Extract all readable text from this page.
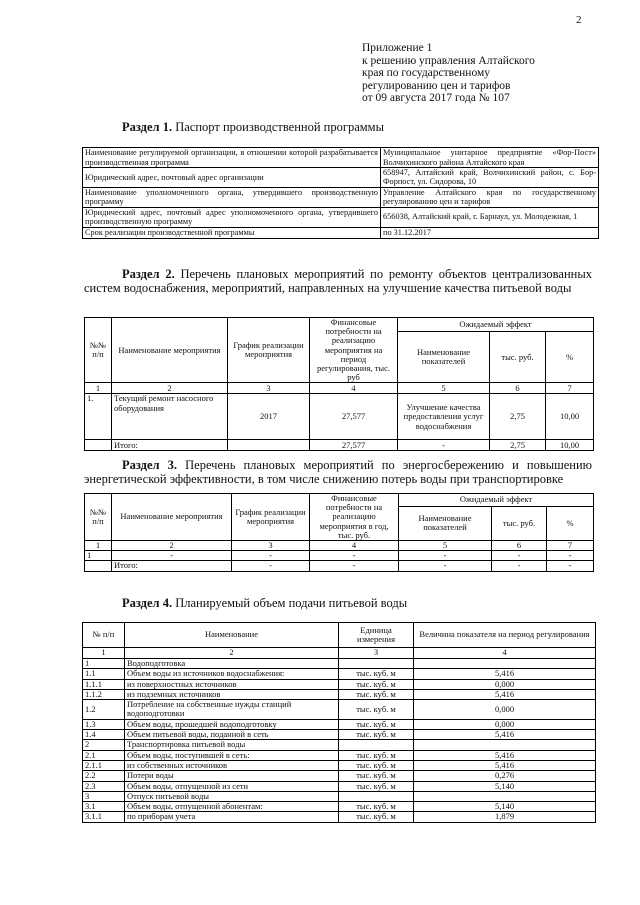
2
Приложение 1
к решению управления Алтайского
края по государственному
регулированию цен и тарифов
от 09 августа 2017 года № 107
Раздел 1. Паспорт производственной программы
Наименование регулируемой организации, в отношении которой разрабатывается производственная программа	Муниципальное унитарное предприятие «Фор-Пост» Волчихинского района Алтайского края
Юридический адрес, почтовый адрес организации	658947, Алтайский край, Волчихинский район, с. Бор-Форпост, ул. Сидорова, 10
Наименование уполномоченного органа, утвердившего производственную программу	Управление Алтайского края по государственному регулированию цен и тарифов
Юридический адрес, почтовый адрес уполномоченного органа, утвердившего производственную программу	656038, Алтайский край, г. Барнаул, ул. Молодежная, 1
Срок реализации производственной программы	по 31.12.2017
Раздел 2. Перечень плановых мероприятий по ремонту объектов централизованных систем водоснабжения, мероприятий, направленных на улучшение качества питьевой воды
№№ п/п	Наименование мероприятия	График реализации мероприятия	Финансовые потребности на реализацию мероприятия на период регулирования, тыс. руб	Ожидаемый эффект		
				Наименование показателей	тыс. руб.	%
1	2	3	4	5	6	7
1.	Текущий ремонт насосного оборудования	2017	27,577	Улучшение качества предоставления услуг водоснабжения	2,75	10,00
	Итого:		27,577	-	2,75	10,00
Раздел 3. Перечень плановых мероприятий по энергосбережению и повышению энергетической эффективности, в том числе снижению потерь воды при транспортировке
№№ п/п	Наименование мероприятия	График реализации мероприятия	Финансовые потребности на реализацию мероприятия в год, тыс. руб.	Ожидаемый эффект		
				Наименование показателей	тыс. руб.	%
1	2	3	4	5	6	7
1	-	-	-	-	-	-
	Итого:	-	-	-	-	-
Раздел 4. Планируемый объем подачи питьевой воды
№ п/п	Наименование	Единица измерения	Величина показателя на период регулирования
1	2	3	4
1	Водоподготовка		
1.1	Объем воды из источников водоснабжения:	тыс. куб. м	5,416
1.1.1	из поверхностных источников	тыс. куб. м	0,000
1.1.2	из подземных источников	тыс. куб. м	5,416
1.2	Потребление на собственные нужды станций водоподготовки	тыс. куб. м	0,000
1.3	Объем воды, прошедшей водоподготовку	тыс. куб. м	0,000
1.4	Объем питьевой воды, поданной в сеть	тыс. куб. м	5,416
2	Транспортировка питьевой воды		
2.1	Объем воды, поступившей в сеть:	тыс. куб. м	5,416
2.1.1	из собственных источников	тыс. куб. м	5,416
2.2	Потери воды	тыс. куб. м	0,276
2.3	Объем воды, отпущенной из сети	тыс. куб. м	5,140
3	Отпуск питьевой воды		
3.1	Объем воды, отпущенной абонентам:	тыс. куб. м	5,140
3.1.1	по приборам учета	тыс. куб. м	1,879
